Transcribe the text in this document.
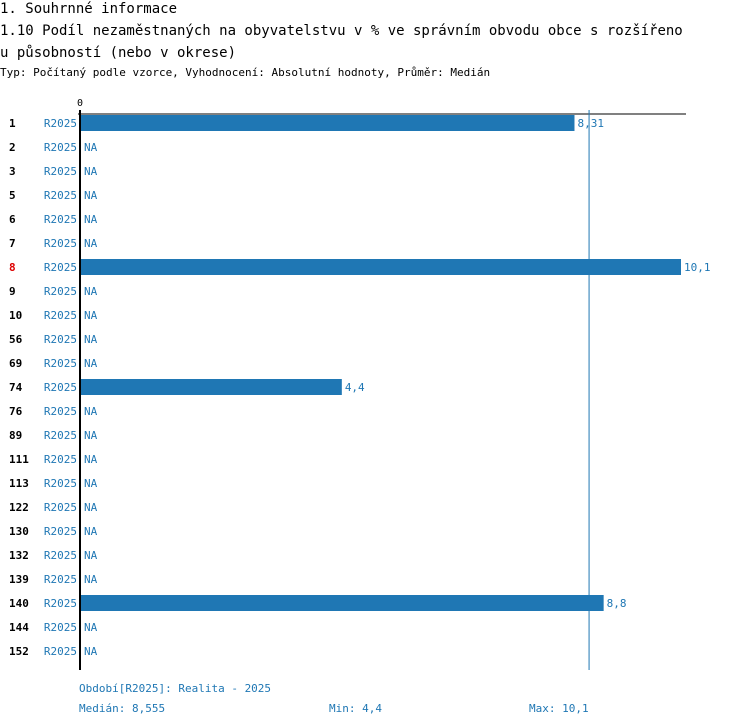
1. Souhrnné informace
1.10 Podíl nezaměstnaných na obyvatelstvu v % ve správním obvodu obce s rozšířeno
u působností (nebo v okrese)
Typ: Počítaný podle vzorce, Vyhodnocení: Absolutní hodnoty, Průměr: Medián
0
1	R2025	8,31
2	R2025 NA
3	R2025 NA
5	R2025 NA
6	R2025 NA
7	R2025 NA
8	R2025	10,1
9	R2025 NA
10 R2025 NA
56 R2025 NA
69 R2025 NA
74 R2025	4,4
76 R2025 NA
89 R2025 NA
111 R2025 NA
113 R2025 NA
122 R2025 NA
130 R2025 NA
132 R2025 NA
139 R2025 NA
140 R2025	8,8
144 R2025 NA
152 R2025 NA
Období[R2025]: Realita - 2025
Medián: 8,555	Min: 4,4	Max: 10,1
